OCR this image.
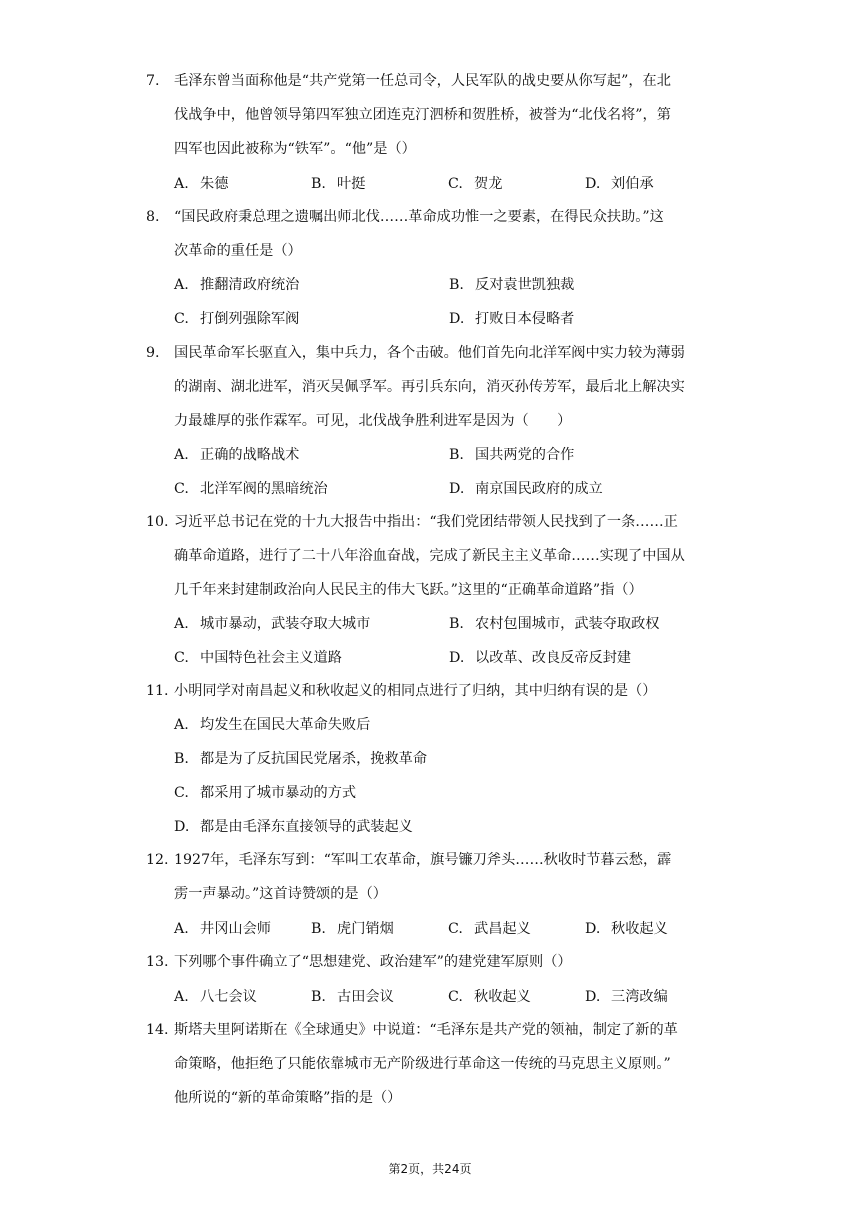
7. 毛泽东曾当面称他是“共产党第一任总司令，人民军队的战史要从你写起”，在北
伐战争中，他曾领导第四军独立团连克汀泗桥和贺胜桥，被誉为“北伐名将”，第
四军也因此被称为“铁军”。“他”是（）
A. 朱德	B. 叶挺	C. 贺龙	D. 刘伯承
8. “国民政府秉总理之遗嘱出师北伐……革命成功惟一之要素，在得民众扶助。”这
次革命的重任是（）
A. 推翻清政府统治	B. 反对袁世凯独裁
C. 打倒列强除军阀	D. 打败日本侵略者
9. 国民革命军长驱直入，集中兵力，各个击破。他们首先向北洋军阀中实力较为薄弱
的湖南、湖北进军，消灭吴佩孚军。再引兵东向，消灭孙传芳军，最后北上解决实
力最雄厚的张作霖军。可见，北伐战争胜利进军是因为（　　）
A. 正确的战略战术	B. 国共两党的合作
C. 北洋军阀的黑暗统治	D. 南京国民政府的成立
10. 习近平总书记在党的十九大报告中指出：“我们党团结带领人民找到了一条……正
确革命道路，进行了二十八年浴血奋战，完成了新民主主义革命……实现了中国从
几千年来封建制政治向人民民主的伟大飞跃。”这里的“正确革命道路”指（）
A. 城市暴动，武装夺取大城市	B. 农村包围城市，武装夺取政权
C. 中国特色社会主义道路	D. 以改革、改良反帝反封建
11. 小明同学对南昌起义和秋收起义的相同点进行了归纳，其中归纳有误的是（）
A. 均发生在国民大革命失败后
B. 都是为了反抗国民党屠杀，挽救革命
C. 都采用了城市暴动的方式
D. 都是由毛泽东直接领导的武装起义
12. 1927年，毛泽东写到：“军叫工农革命，旗号镰刀斧头……秋收时节暮云愁，霹
雳一声暴动。”这首诗赞颂的是（）
A. 井冈山会师	B. 虎门销烟	C. 武昌起义	D. 秋收起义
13. 下列哪个事件确立了“思想建党、政治建军”的建党建军原则（）
A. 八七会议	B. 古田会议	C. 秋收起义	D. 三湾改编
14. 斯塔夫里阿诺斯在《全球通史》中说道：“毛泽东是共产党的领袖，制定了新的革
命策略，他拒绝了只能依靠城市无产阶级进行革命这一传统的马克思主义原则。”
他所说的“新的革命策略”指的是（）
第2页，共24页
